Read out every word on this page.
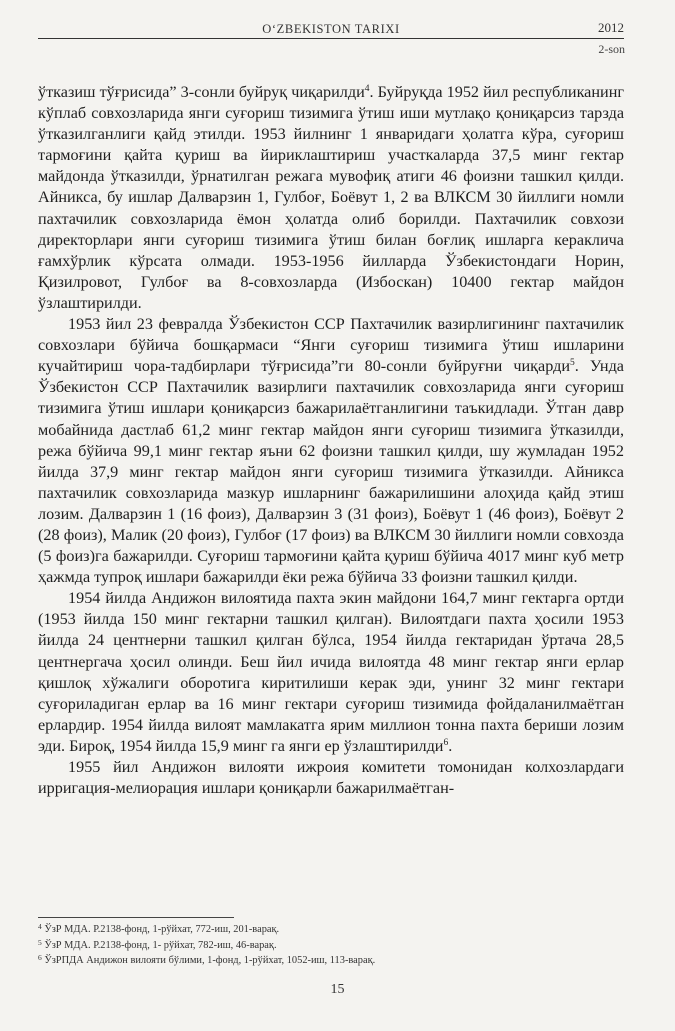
O‘ZBEKISTON TARIXI	2012
2-son

ўтказиш тўғрисида” 3-сонли буйруқ чиқарилди$^4$. Буйруқда 1952 йил республиканинг кўплаб совхозларида янги суғориш тизимига ўтиш иши мутлақо қониқарсиз тарзда ўтказилганлиги қайд этилди. 1953 йилнинг 1 январидаги ҳолатга кўра, суғориш тармоғини қайта қуриш ва йириклаштириш участкаларда 37,5 минг гектар майдонда ўтказилди, ўрнатилган режага мувофиқ атиги 46 фоизни ташкил қилди. Айникса, бу ишлар Далварзин 1, Гулбоғ, Боёвут 1, 2 ва ВЛКСМ 30 йиллиги номли пахтачилик совхозларида ёмон ҳолатда олиб борилди. Пахтачилик совхози директорлари янги суғориш тизимига ўтиш билан боғлиқ ишларга кераклича ғамхўрлик кўрсата олмади. 1953-1956 йилларда Ўзбекистондаги Норин, Қизилровот, Гулбоғ ва 8-совхозларда (Избоскан) 10400 гектар майдон ўзлаштирилди.

1953 йил 23 февралда Ўзбекистон ССР Пахтачилик вазирлигининг пахтачилик совхозлари бўйича бошқармаси “Янги суғориш тизимига ўтиш ишларини кучайтириш чора-тадбирлари тўғрисида”ги 80-сонли буйруғни чиқарди$^5$. Унда Ўзбекистон ССР Пахтачилик вазирлиги пахтачилик совхозларида янги суғориш тизимига ўтиш ишлари қониқарсиз бажарилаётганлигини таъкидлади. Ўтган давр мобайнида дастлаб 61,2 минг гектар майдон янги суғориш тизимига ўтказилди, режа бўйича 99,1 минг гектар яъни 62 фоизни ташкил қилди, шу жумладан 1952 йилда 37,9 минг гектар майдон янги суғориш тизимига ўтказилди. Айникса пахтачилик совхозларида мазкур ишларнинг бажарилишини алоҳида қайд этиш лозим. Далварзин 1 (16 фоиз), Далварзин 3 (31 фоиз), Боёвут 1 (46 фоиз), Боёвут 2 (28 фоиз), Малик (20 фоиз), Гулбоғ (17 фоиз) ва ВЛКСМ 30 йиллиги номли совхозда (5 фоиз)га бажарилди. Суғориш тармоғини қайта қуриш бўйича 4017 минг куб метр ҳажмда тупроқ ишлари бажарилди ёки режа бўйича 33 фоизни ташкил қилди.

1954 йилда Андижон вилоятида пахта экин майдони 164,7 минг гектарга ортди (1953 йилда 150 минг гектарни ташкил қилган). Вилоятдаги пахта ҳосили 1953 йилда 24 центнерни ташкил қилган бўлса, 1954 йилда гектаридан ўртача 28,5 центнергача ҳосил олинди. Беш йил ичида вилоятда 48 минг гектар янги ерлар қишлоқ хўжалиги оборотига киритилиши керак эди, унинг 32 минг гектари суғориладиган ерлар ва 16 минг гектари суғориш тизимида фойдаланилмаётган ерлардир. 1954 йилда вилоят мамлакатга ярим миллион тонна пахта бериши лозим эди. Бироқ, 1954 йилда 15,9 минг га янги ер ўзлаштирилди$^6$.

1955 йил Андижон вилояти ижроия комитети томонидан колхозлардаги ирригация-мелиорация ишлари қониқарли бажарилмаётган-

$^4$ ЎзР МДА. Р.2138-фонд, 1-рўйхат, 772-иш, 201-варақ.
$^5$ ЎзР МДА. Р.2138-фонд, 1- рўйхат, 782-иш, 46-варақ.
$^6$ ЎзРПДА Андижон вилояти бўлими, 1-фонд, 1-рўйхат, 1052-иш, 113-варақ.
15
